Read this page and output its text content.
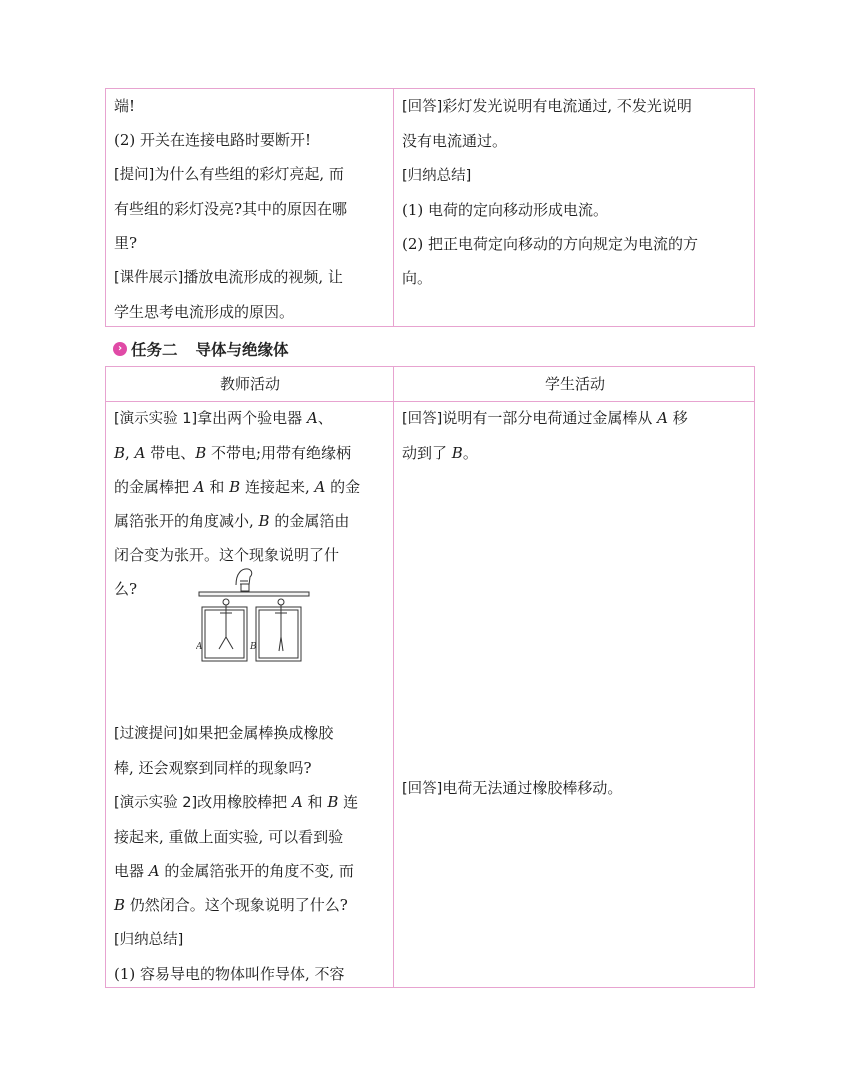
端!

(2) 开关在连接电路时要断开!

[提问]为什么有些组的彩灯亮起, 而

有些组的彩灯没亮?其中的原因在哪

里?

[课件展示]播放电流形成的视频, 让

学生思考电流形成的原因。

[回答]彩灯发光说明有电流通过, 不发光说明

没有电流通过。

[归纳总结]

(1) 电荷的定向移动形成电流。

(2) 把正电荷定向移动的方向规定为电流的方

向。

› 任务二 导体与绝缘体
教师活动	学生活动

[演示实验 1]拿出两个验电器 A、

B, A 带电、B 不带电;用带有绝缘柄

的金属棒把 A 和 B 连接起来, A 的金

属箔张开的角度减小, B 的金属箔由

闭合变为张开。这个现象说明了什

么?

[过渡提问]如果把金属棒换成橡胶

棒, 还会观察到同样的现象吗?

[演示实验 2]改用橡胶棒把 A 和 B 连

接起来, 重做上面实验, 可以看到验

电器 A 的金属箔张开的角度不变, 而

B 仍然闭合。这个现象说明了什么?

[归纳总结]

(1) 容易导电的物体叫作导体, 不容

A	B

[回答]说明有一部分电荷通过金属棒从 A 移

动到了 B。

[回答]电荷无法通过橡胶棒移动。
